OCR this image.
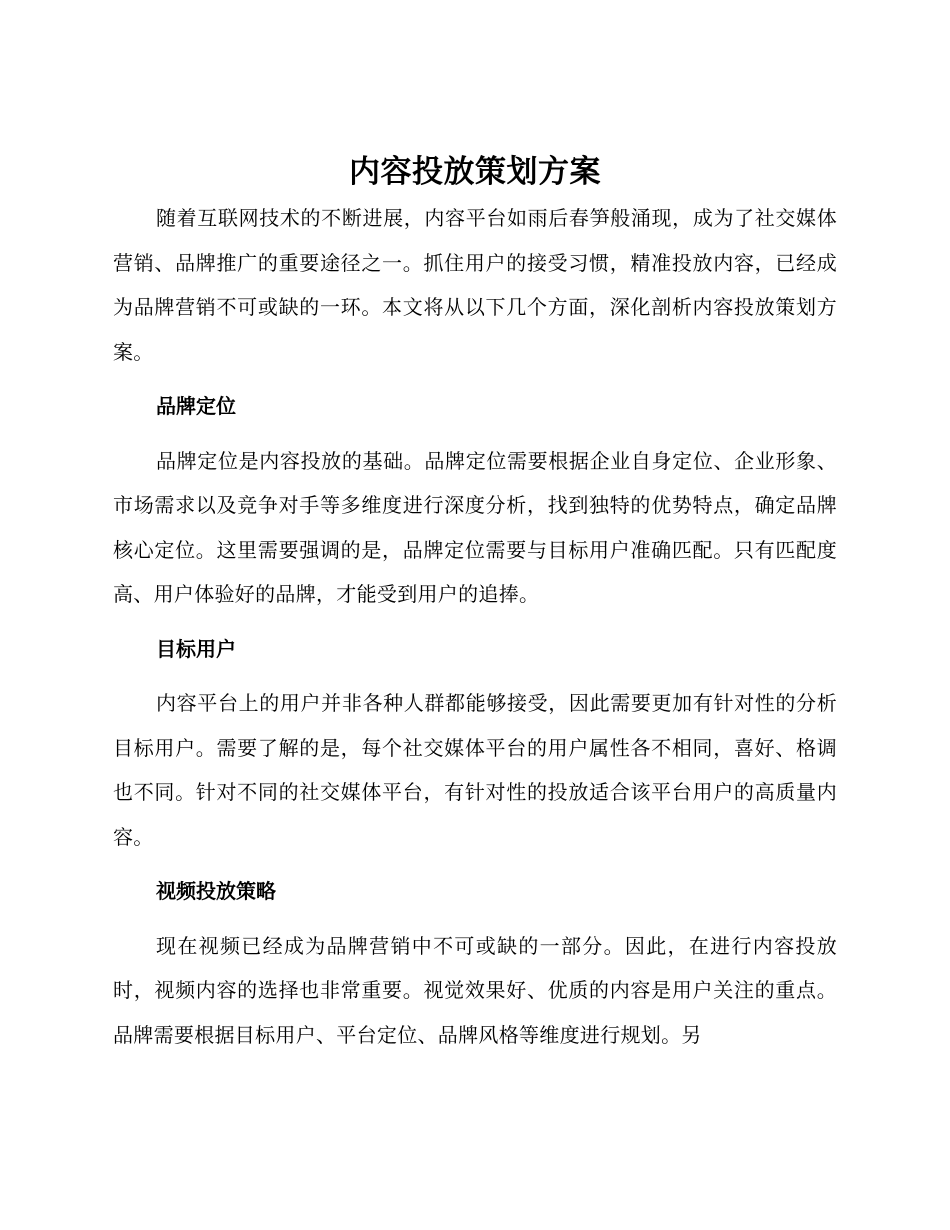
内容投放策划方案

随着互联网技术的不断进展，内容平台如雨后春笋般涌现，成为了社交媒体营销、品牌推广的重要途径之一。抓住用户的接受习惯，精准投放内容，已经成为品牌营销不可或缺的一环。本文将从以下几个方面，深化剖析内容投放策划方案。

品牌定位

品牌定位是内容投放的基础。品牌定位需要根据企业自身定位、企业形象、市场需求以及竞争对手等多维度进行深度分析，找到独特的优势特点，确定品牌核心定位。这里需要强调的是，品牌定位需要与目标用户准确匹配。只有匹配度高、用户体验好的品牌，才能受到用户的追捧。

目标用户

内容平台上的用户并非各种人群都能够接受，因此需要更加有针对性的分析目标用户。需要了解的是，每个社交媒体平台的用户属性各不相同，喜好、格调也不同。针对不同的社交媒体平台，有针对性的投放适合该平台用户的高质量内容。

视频投放策略

现在视频已经成为品牌营销中不可或缺的一部分。因此，在进行内容投放时，视频内容的选择也非常重要。视觉效果好、优质的内容是用户关注的重点。品牌需要根据目标用户、平台定位、品牌风格等维度进行规划。另
